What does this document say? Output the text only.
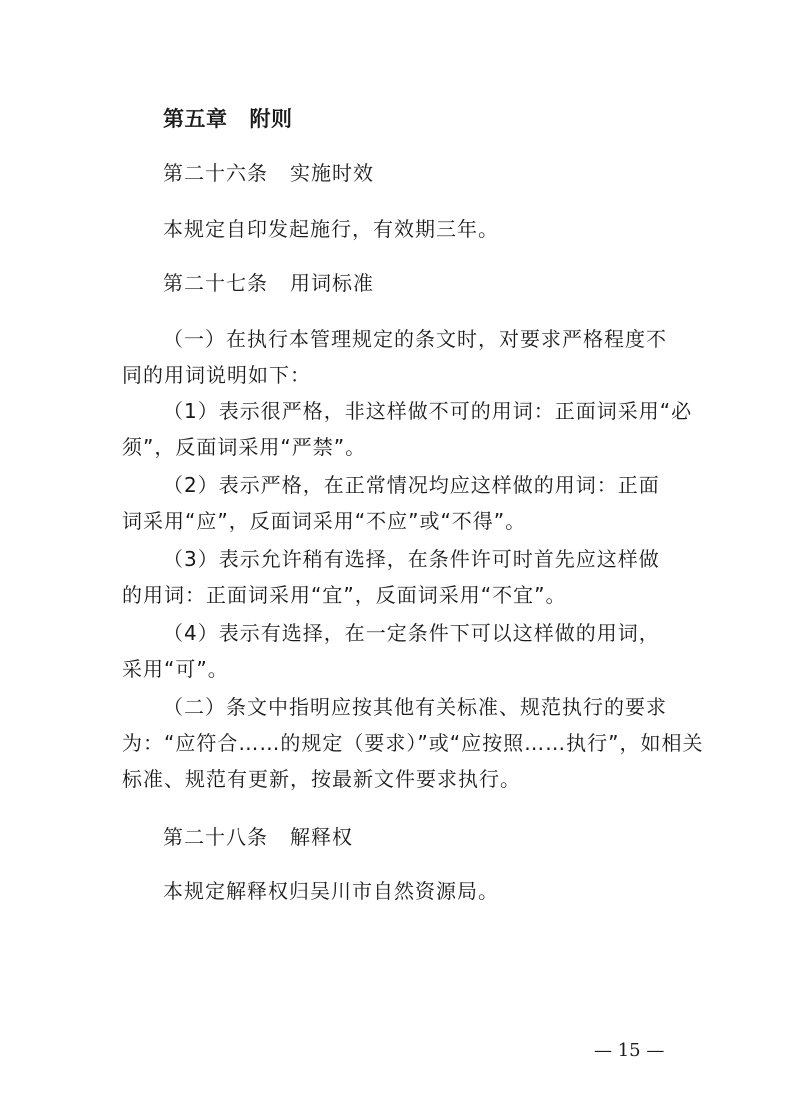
第五章 附则
第二十六条 实施时效
本规定自印发起施行，有效期三年。
第二十七条 用词标准
（一）在执行本管理规定的条文时，对要求严格程度不
同的用词说明如下：
（1）表示很严格，非这样做不可的用词：正面词采用“必
须”，反面词采用“严禁”。
（2）表示严格，在正常情况均应这样做的用词：正面
词采用“应”，反面词采用“不应”或“不得”。
（3）表示允许稍有选择，在条件许可时首先应这样做
的用词：正面词采用“宜”，反面词采用“不宜”。
（4）表示有选择，在一定条件下可以这样做的用词，
采用“可”。
（二）条文中指明应按其他有关标准、规范执行的要求
为：“应符合……的规定（要求）”或“应按照……执行”，如相关
标准、规范有更新，按最新文件要求执行。
第二十八条 解释权
本规定解释权归吴川市自然资源局。
— 15 —
